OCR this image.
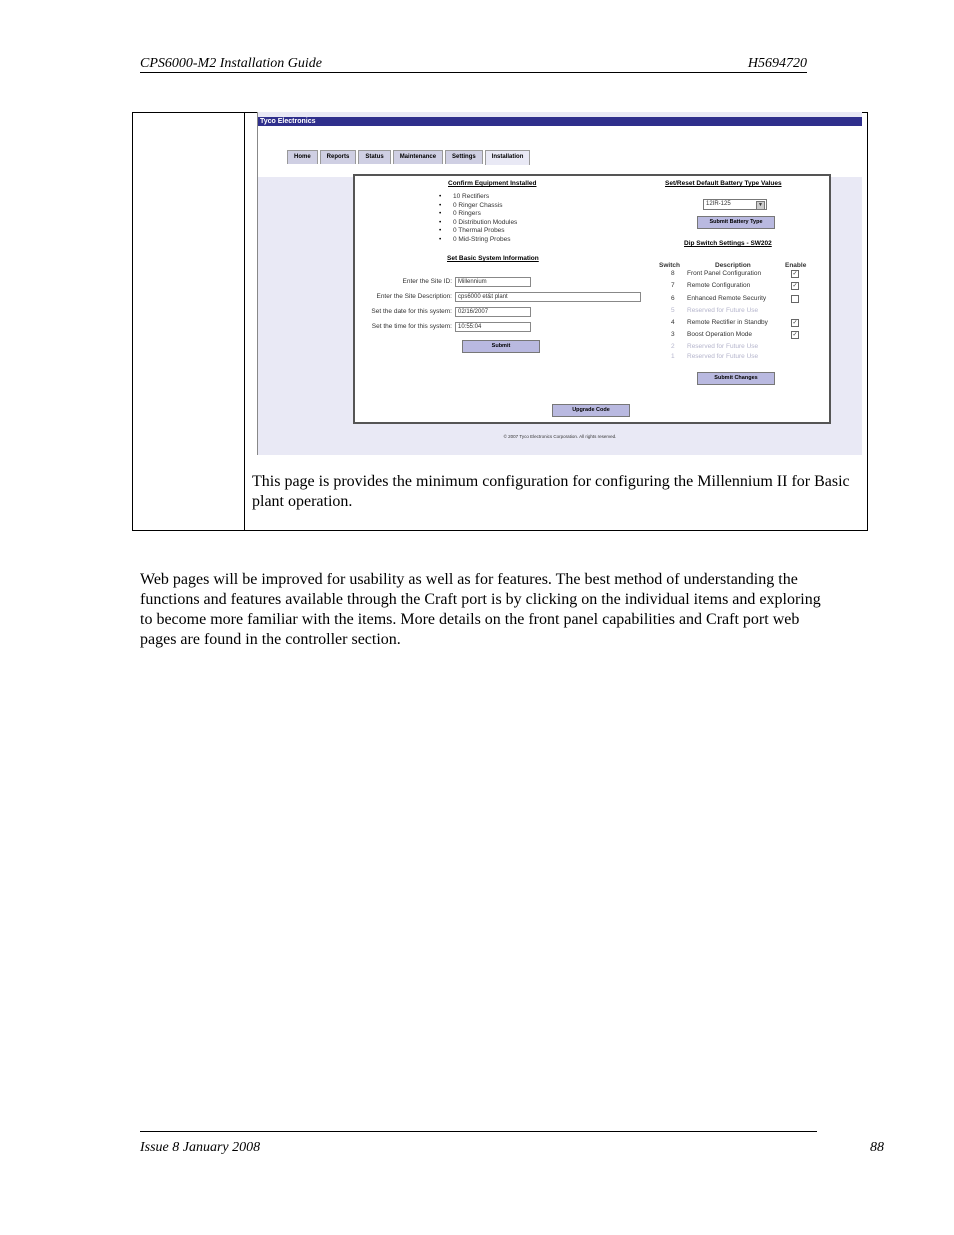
CPS6000-M2 Installation Guide	H5694720
Tyco Electronics
Home	Reports	Status	Maintenance	Settings	Installation
Confirm Equipment Installed
• 10 Rectifiers
• 0 Ringer Chassis
• 0 Ringers
• 0 Distribution Modules
• 0 Thermal Probes
• 0 Mid-String Probes
Set Basic System Information
Enter the Site ID:	Millennium
Enter the Site Description:	cps6000 et&t plant
Set the date for this system:	02/16/2007
Set the time for this system:	10:55:04
Submit
Set/Reset Default Battery Type Values
12IR-125	▼
Submit Battery Type
Dip Switch Settings - SW202
Switch	Description	Enable
8	Front Panel Configuration	✓
7	Remote Configuration	✓
6	Enhanced Remote Security
5	Reserved for Future Use
4	Remote Rectifier in Standby	✓
3	Boost Operation Mode	✓
2	Reserved for Future Use
1	Reserved for Future Use
Submit Changes
Upgrade Code
© 2007 Tyco Electronics Corporation. All rights reserved.
This page is provides the minimum configuration for configuring the Millennium II for Basic plant operation.
Web pages will be improved for usability as well as for features. The best method of understanding the functions and features available through the Craft port is by clicking on the individual items and exploring to become more familiar with the items. More details on the front panel capabilities and Craft port web pages are found in the controller section.
Issue 8 January 2008	88
